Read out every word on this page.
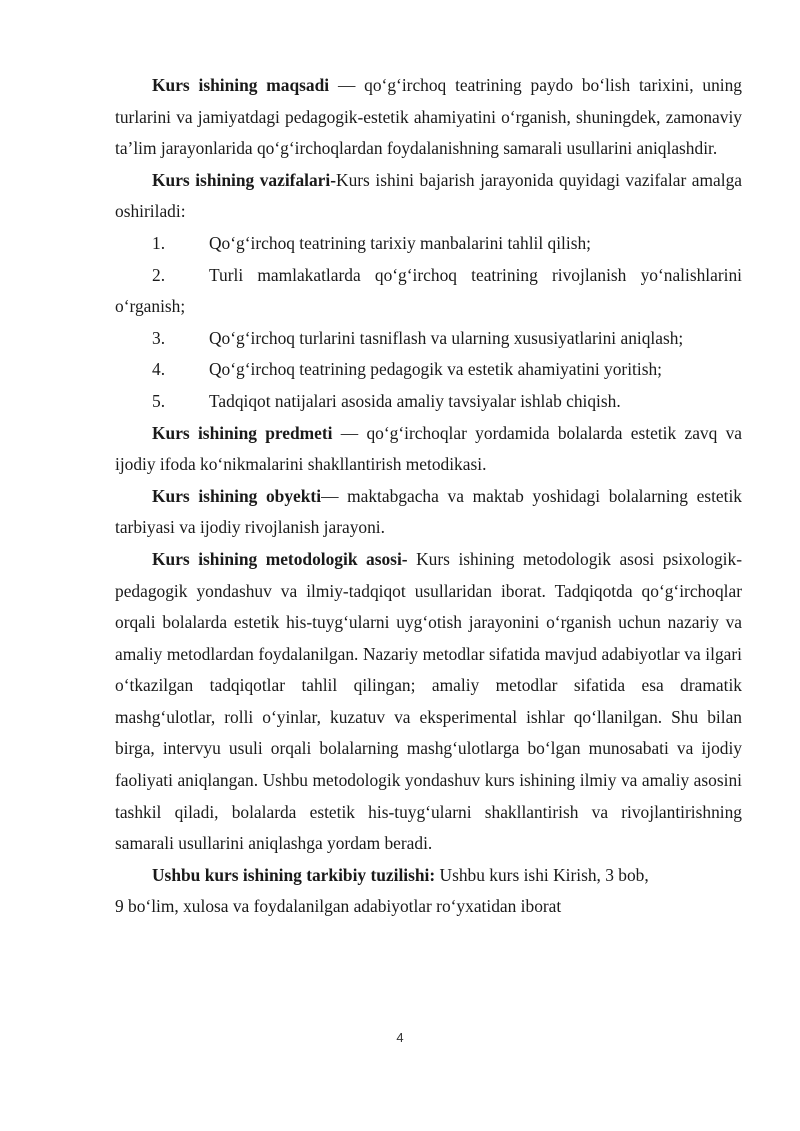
Kurs ishining maqsadi — qo‘g‘irchoq teatrining paydo bo‘lish tarixini, uning turlarini va jamiyatdagi pedagogik-estetik ahamiyatini o‘rganish, shuningdek, zamonaviy ta’lim jarayonlarida qo‘g‘irchoqlardan foydalanishning samarali usullarini aniqlashdir.

Kurs ishining vazifalari-Kurs ishini bajarish jarayonida quyidagi vazifalar amalga oshiriladi:

1.	Qo‘g‘irchoq teatrining tarixiy manbalarini tahlil qilish;

2.	Turli mamlakatlarda qo‘g‘irchoq teatrining rivojlanish yo‘nalishlarini o‘rganish;

3.	Qo‘g‘irchoq turlarini tasniflash va ularning xususiyatlarini aniqlash;

4.	Qo‘g‘irchoq teatrining pedagogik va estetik ahamiyatini yoritish;

5.	Tadqiqot natijalari asosida amaliy tavsiyalar ishlab chiqish.

Kurs ishining predmeti — qo‘g‘irchoqlar yordamida bolalarda estetik zavq va ijodiy ifoda ko‘nikmalarini shakllantirish metodikasi.

Kurs ishining obyekti— maktabgacha va maktab yoshidagi bolalarning estetik tarbiyasi va ijodiy rivojlanish jarayoni.

Kurs ishining metodologik asosi- Kurs ishining metodologik asosi psixologik-pedagogik yondashuv va ilmiy-tadqiqot usullaridan iborat. Tadqiqotda qo‘g‘irchoqlar orqali bolalarda estetik his-tuyg‘ularni uyg‘otish jarayonini o‘rganish uchun nazariy va amaliy metodlardan foydalanilgan. Nazariy metodlar sifatida mavjud adabiyotlar va ilgari o‘tkazilgan tadqiqotlar tahlil qilingan; amaliy metodlar sifatida esa dramatik mashg‘ulotlar, rolli o‘yinlar, kuzatuv va eksperimental ishlar qo‘llanilgan. Shu bilan birga, intervyu usuli orqali bolalarning mashg‘ulotlarga bo‘lgan munosabati va ijodiy faoliyati aniqlangan. Ushbu metodologik yondashuv kurs ishining ilmiy va amaliy asosini tashkil qiladi, bolalarda estetik his-tuyg‘ularni shakllantirish va rivojlantirishning samarali usullarini aniqlashga yordam beradi.

Ushbu kurs ishining tarkibiy tuzilishi: Ushbu kurs ishi Kirish, 3 bob,
9 bo‘lim, xulosa va foydalanilgan adabiyotlar ro‘yxatidan iborat

4
